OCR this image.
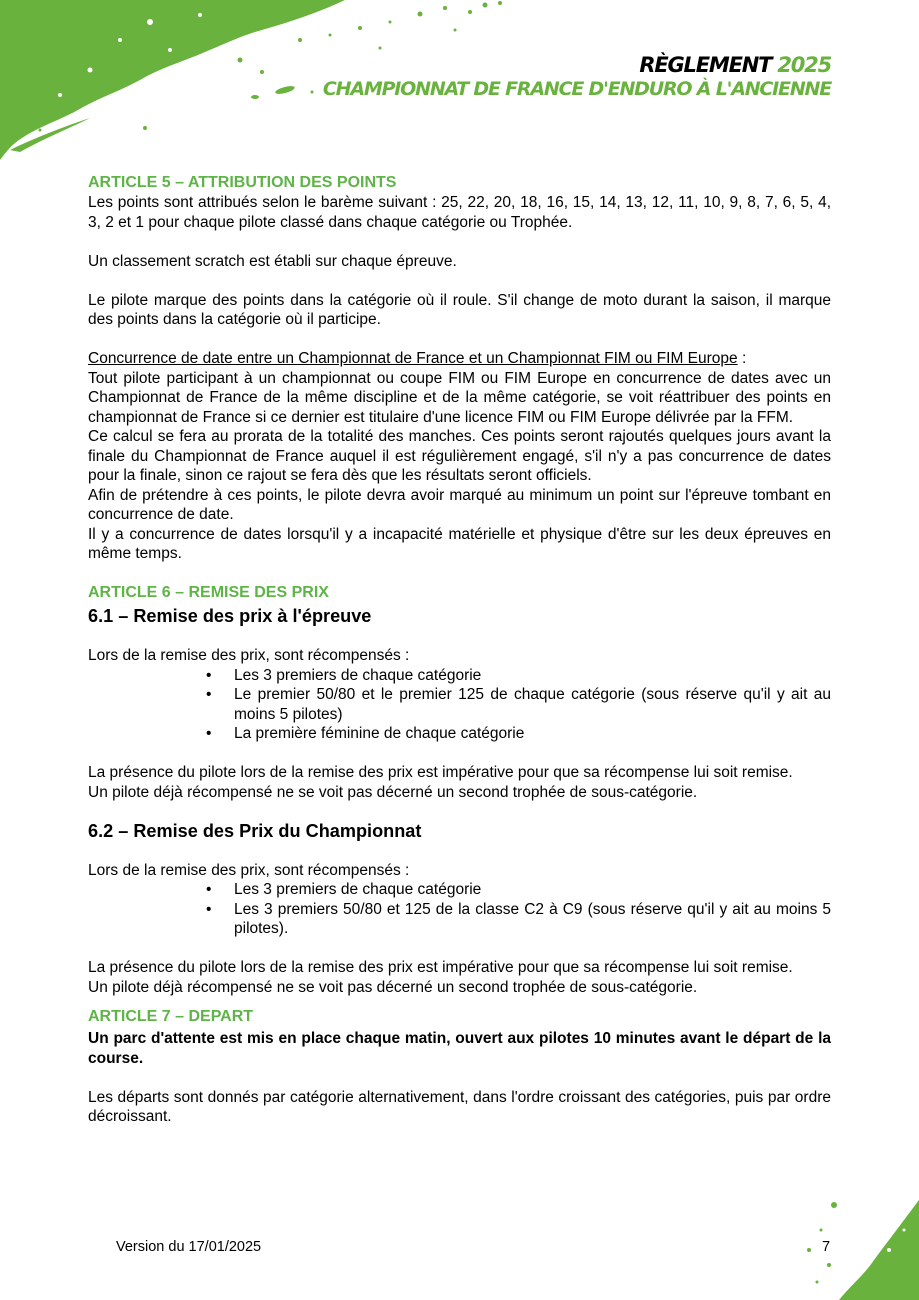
RÈGLEMENT 2025
CHAMPIONNAT DE FRANCE D'ENDURO À L'ANCIENNE
ARTICLE 5 – ATTRIBUTION DES POINTS

Les points sont attribués selon le barème suivant : 25, 22, 20, 18, 16, 15, 14, 13, 12, 11, 10, 9, 8, 7, 6, 5, 4, 3, 2 et 1 pour chaque pilote classé dans chaque catégorie ou Trophée.

Un classement scratch est établi sur chaque épreuve.

Le pilote marque des points dans la catégorie où il roule. S'il change de moto durant la saison, il marque des points dans la catégorie où il participe.

Concurrence de date entre un Championnat de France et un Championnat FIM ou FIM Europe :

Tout pilote participant à un championnat ou coupe FIM ou FIM Europe en concurrence de dates avec un Championnat de France de la même discipline et de la même catégorie, se voit réattribuer des points en championnat de France si ce dernier est titulaire d'une licence FIM ou FIM Europe délivrée par la FFM.

Ce calcul se fera au prorata de la totalité des manches. Ces points seront rajoutés quelques jours avant la finale du Championnat de France auquel il est régulièrement engagé, s'il n'y a pas concurrence de dates pour la finale, sinon ce rajout se fera dès que les résultats seront officiels.

Afin de prétendre à ces points, le pilote devra avoir marqué au minimum un point sur l'épreuve tombant en concurrence de date.

Il y a concurrence de dates lorsqu'il y a incapacité matérielle et physique d'être sur les deux épreuves en même temps.

ARTICLE 6 – REMISE DES PRIX
6.1 – Remise des prix à l'épreuve

Lors de la remise des prix, sont récompensés :

• Les 3 premiers de chaque catégorie
• Le premier 50/80 et le premier 125 de chaque catégorie (sous réserve qu'il y ait au moins 5 pilotes)
• La première féminine de chaque catégorie

La présence du pilote lors de la remise des prix est impérative pour que sa récompense lui soit remise.

Un pilote déjà récompensé ne se voit pas décerné un second trophée de sous-catégorie.

6.2 – Remise des Prix du Championnat

Lors de la remise des prix, sont récompensés :

• Les 3 premiers de chaque catégorie
• Les 3 premiers 50/80 et 125 de la classe C2 à C9 (sous réserve qu'il y ait au moins 5 pilotes).

La présence du pilote lors de la remise des prix est impérative pour que sa récompense lui soit remise.

Un pilote déjà récompensé ne se voit pas décerné un second trophée de sous-catégorie.

ARTICLE 7 – DEPART

Un parc d'attente est mis en place chaque matin, ouvert aux pilotes 10 minutes avant le départ de la course.

Les départs sont donnés par catégorie alternativement, dans l'ordre croissant des catégories, puis par ordre décroissant.

Version du 17/01/2025	7
